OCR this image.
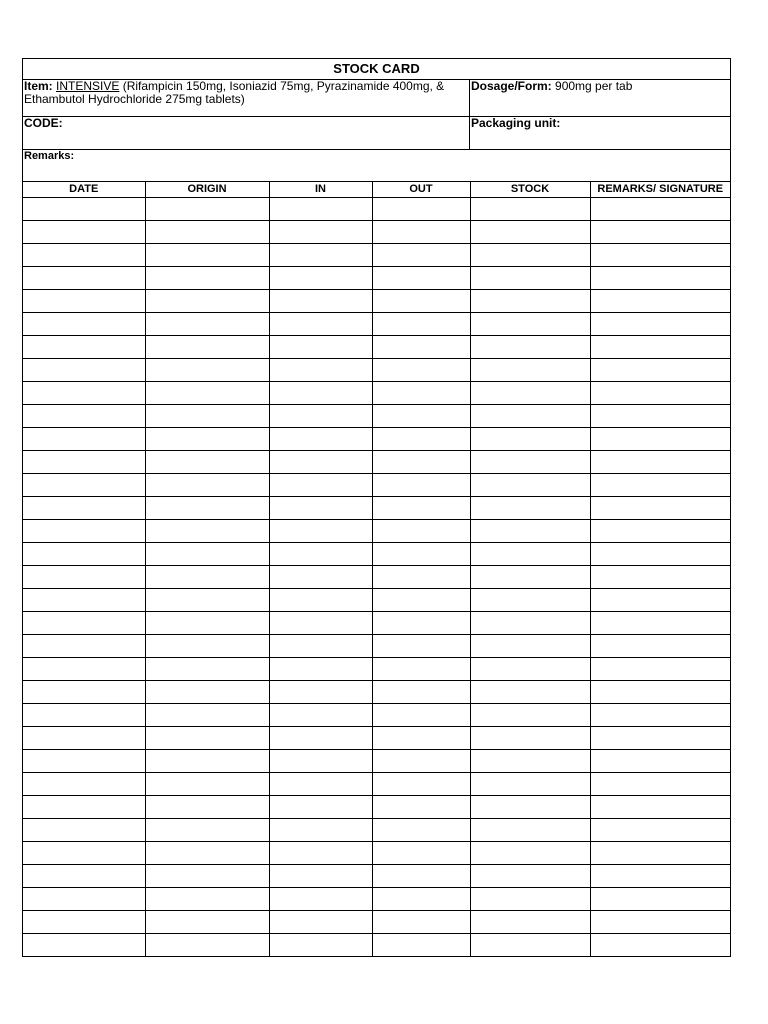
STOCK CARD
Item: INTENSIVE (Rifampicin 150mg, Isoniazid 75mg, Pyrazinamide 400mg, & Ethambutol Hydrochloride 275mg tablets)
Dosage/Form: 900mg per tab
CODE:	Packaging unit:
Remarks:
DATE	ORIGIN	IN	OUT	STOCK	REMARKS/ SIGNATURE
